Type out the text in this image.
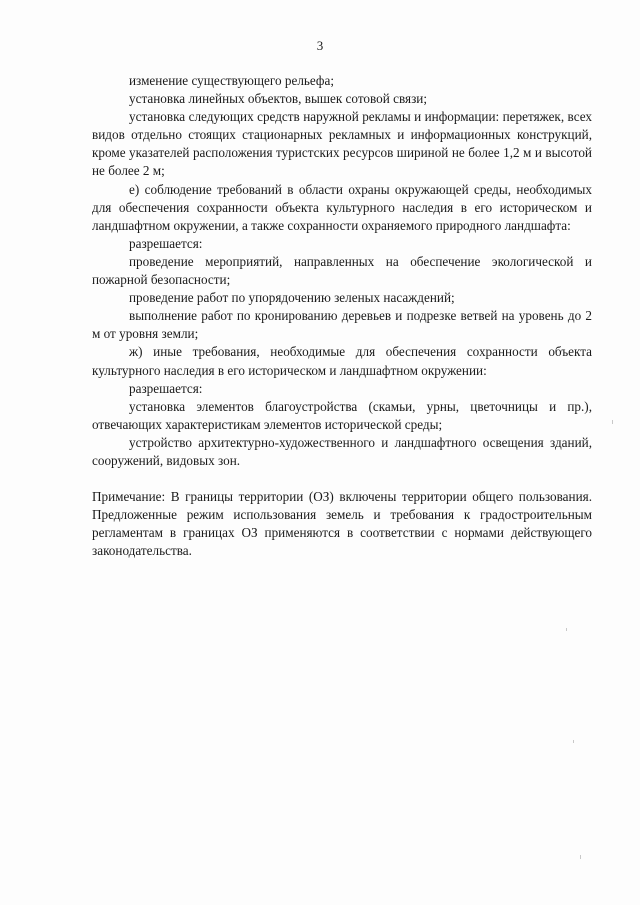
3

изменение существующего рельефа;

установка линейных объектов, вышек сотовой связи;

установка следующих средств наружной рекламы и информации: перетяжек, всех видов отдельно стоящих стационарных рекламных и информационных конструкций, кроме указателей расположения туристских ресурсов шириной не более 1,2 м и высотой не более 2 м;

е) соблюдение требований в области охраны окружающей среды, необходимых для обеспечения сохранности объекта культурного наследия в его историческом и ландшафтном окружении, а также сохранности охраняемого природного ландшафта:

разрешается:

проведение мероприятий, направленных на обеспечение экологической и пожарной безопасности;

проведение работ по упорядочению зеленых насаждений;

выполнение работ по кронированию деревьев и подрезке ветвей на уровень до 2 м от уровня земли;

ж) иные требования, необходимые для обеспечения сохранности объекта культурного наследия в его историческом и ландшафтном окружении:

разрешается:

установка элементов благоустройства (скамьи, урны, цветочницы и пр.), отвечающих характеристикам элементов исторической среды;

устройство архитектурно-художественного и ландшафтного освещения зданий, сооружений, видовых зон.

Примечание: В границы территории (ОЗ) включены территории общего пользования. Предложенные режим использования земель и требования к градостроительным регламентам в границах ОЗ применяются в соответствии с нормами действующего законодательства.
